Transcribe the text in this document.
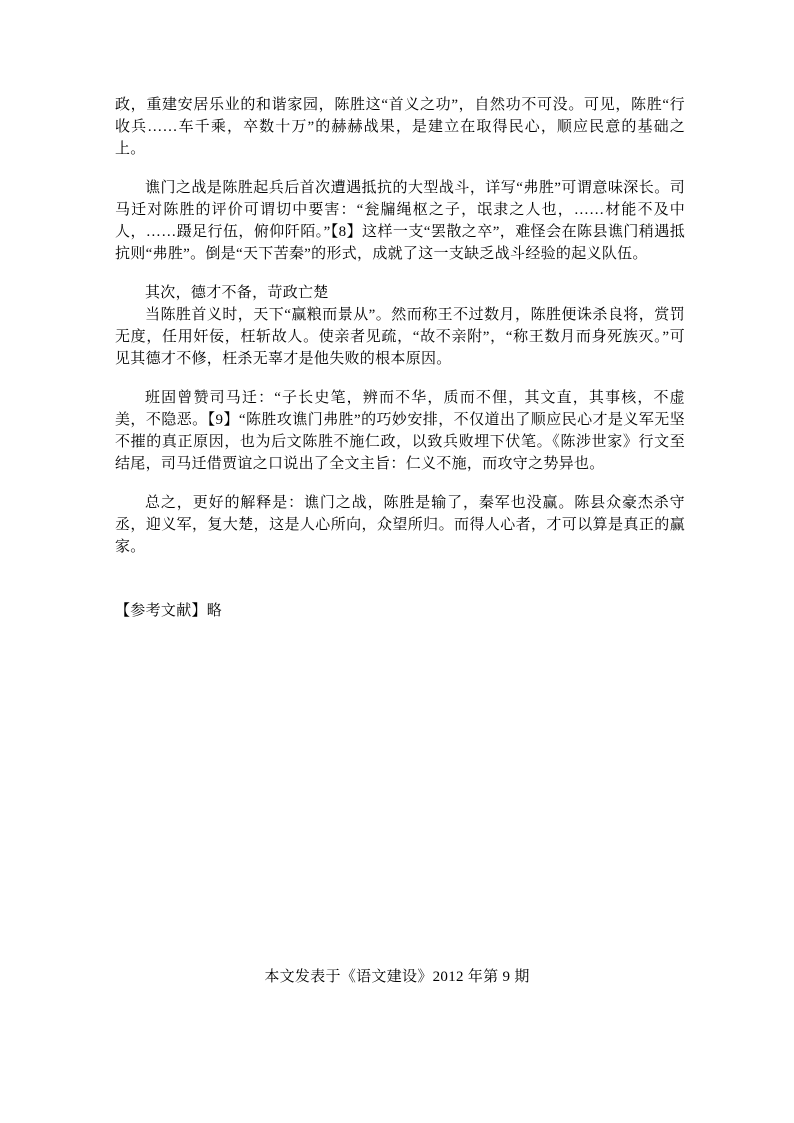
政，重建安居乐业的和谐家园，陈胜这“首义之功”，自然功不可没。可见，陈胜“行收兵……车千乘，卒数十万”的赫赫战果，是建立在取得民心，顺应民意的基础之上。

谯门之战是陈胜起兵后首次遭遇抵抗的大型战斗，详写“弗胜”可谓意味深长。司马迁对陈胜的评价可谓切中要害：“瓮牖绳枢之子，氓隶之人也，……材能不及中人，……蹑足行伍，俯仰阡陌。”【8】这样一支“罢散之卒”，难怪会在陈县谯门稍遇抵抗则“弗胜”。倒是“天下苦秦”的形式，成就了这一支缺乏战斗经验的起义队伍。

其次，德才不备，苛政亡楚

当陈胜首义时，天下“赢粮而景从”。然而称王不过数月，陈胜便诛杀良将，赏罚无度，任用奸佞，枉斩故人。使亲者见疏，“故不亲附”，“称王数月而身死族灭。”可见其德才不修，枉杀无辜才是他失败的根本原因。

班固曾赞司马迁：“子长史笔，辨而不华，质而不俚，其文直，其事核，不虚美，不隐恶。【9】“陈胜攻谯门弗胜”的巧妙安排，不仅道出了顺应民心才是义军无坚不摧的真正原因，也为后文陈胜不施仁政，以致兵败埋下伏笔。《陈涉世家》行文至结尾，司马迁借贾谊之口说出了全文主旨：仁义不施，而攻守之势异也。

总之，更好的解释是：谯门之战，陈胜是输了，秦军也没赢。陈县众豪杰杀守丞，迎义军，复大楚，这是人心所向，众望所归。而得人心者，才可以算是真正的赢家。

【参考文献】略

本文发表于《语文建设》2012 年第 9 期
